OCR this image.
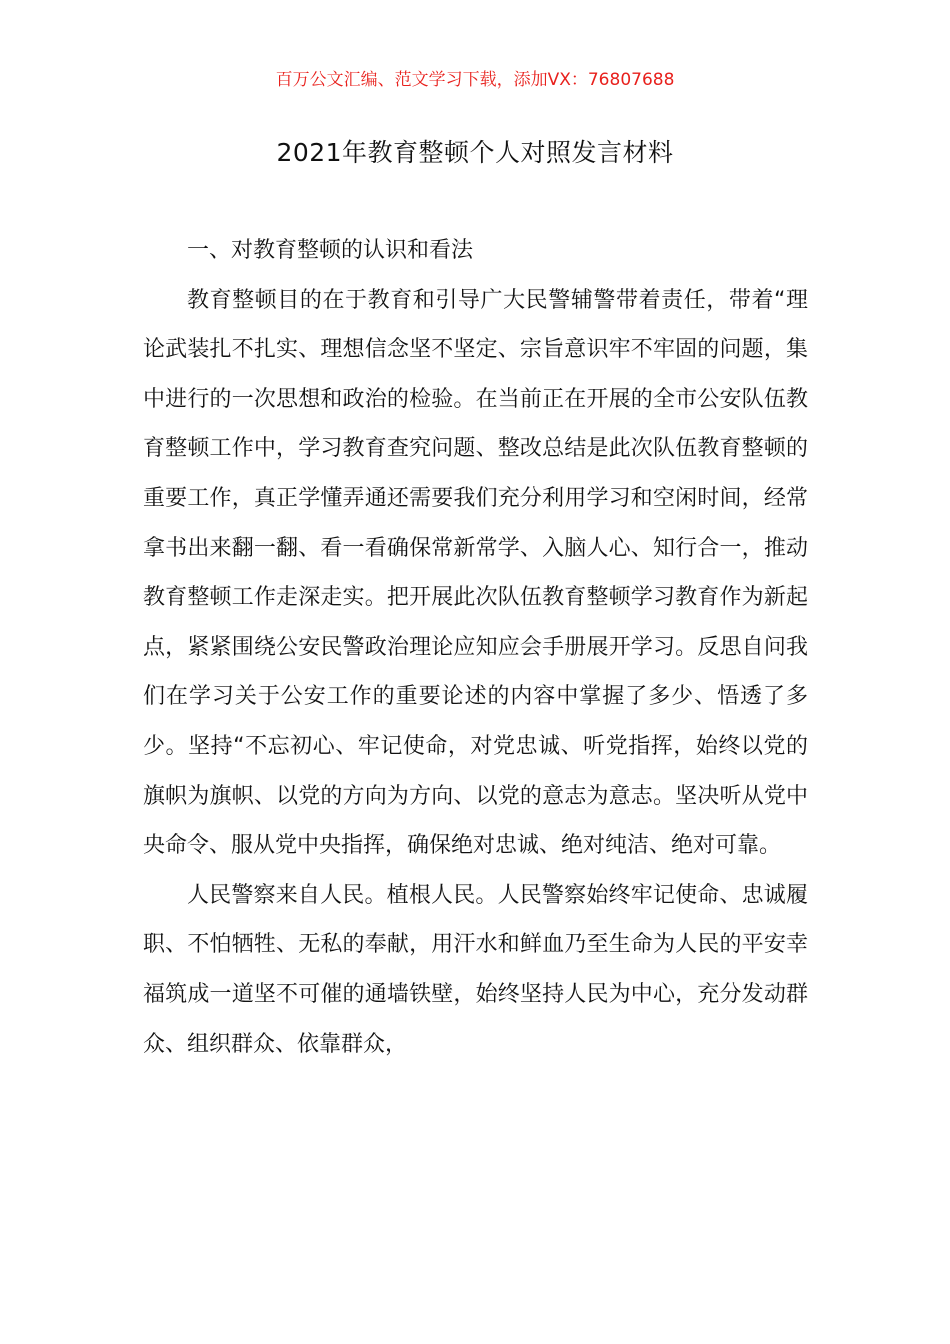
百万公文汇编、范文学习下载，添加VX：76807688
2021年教育整顿个人对照发言材料

一、对教育整顿的认识和看法

教育整顿目的在于教育和引导广大民警辅警带着责任，带着“理论武装扎不扎实、理想信念坚不坚定、宗旨意识牢不牢固的问题，集中进行的一次思想和政治的检验。在当前正在开展的全市公安队伍教育整顿工作中，学习教育查究问题、整改总结是此次队伍教育整顿的重要工作，真正学懂弄通还需要我们充分利用学习和空闲时间，经常拿书出来翻一翻、看一看确保常新常学、入脑人心、知行合一，推动教育整顿工作走深走实。把开展此次队伍教育整顿学习教育作为新起点，紧紧围绕公安民警政治理论应知应会手册展开学习。反思自问我们在学习关于公安工作的重要论述的内容中掌握了多少、悟透了多少。坚持“不忘初心、牢记使命，对党忠诚、听党指挥，始终以党的旗帜为旗帜、以党的方向为方向、以党的意志为意志。坚决听从党中央命令、服从党中央指挥，确保绝对忠诚、绝对纯洁、绝对可靠。

人民警察来自人民。植根人民。人民警察始终牢记使命、忠诚履职、不怕牺牲、无私的奉献，用汗水和鲜血乃至生命为人民的平安幸福筑成一道坚不可催的通墙铁壁，始终坚持人民为中心，充分发动群众、组织群众、依靠群众，
